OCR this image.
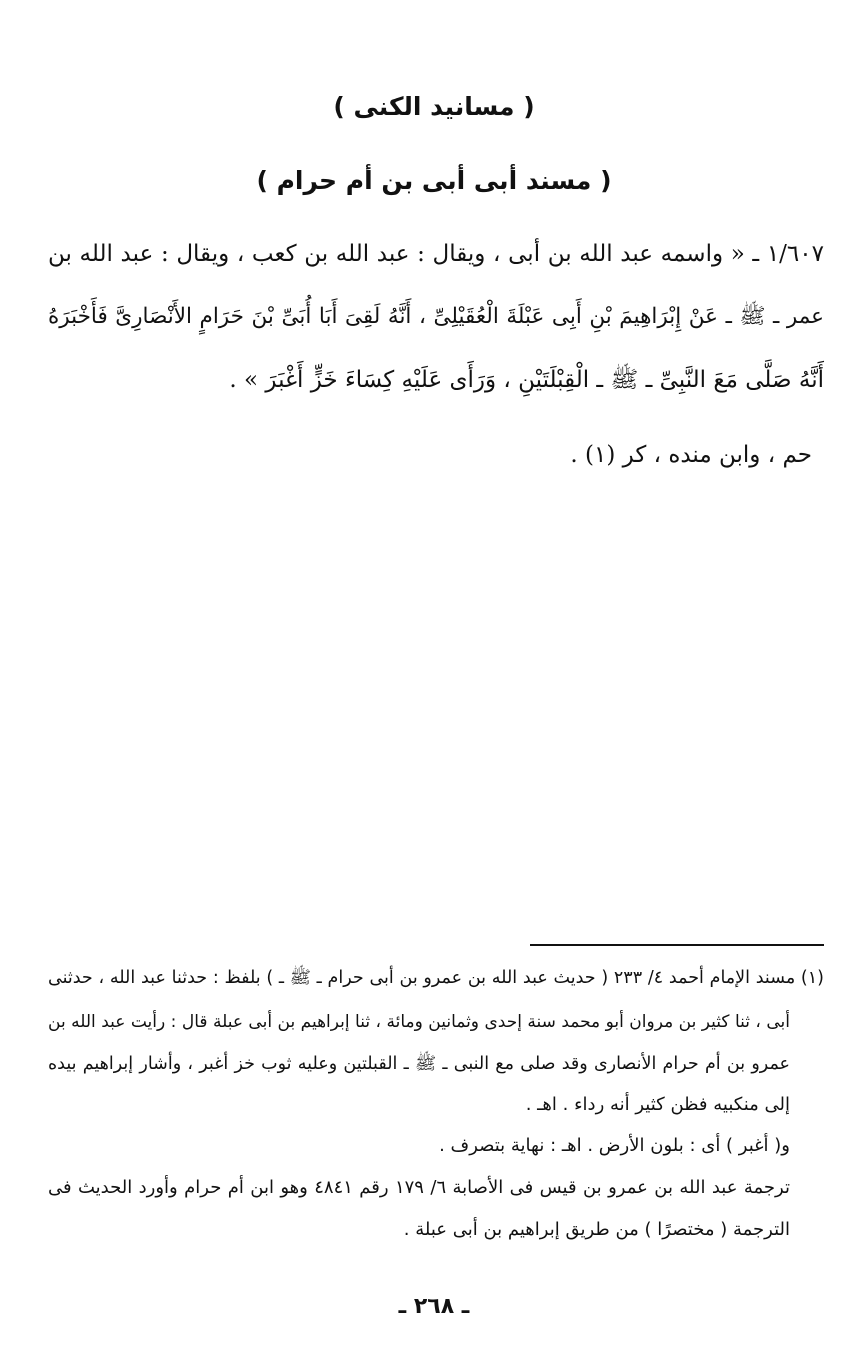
( مسانيد الكنى )
( مسند أبى أبى بن أم حرام )
١/٦٠٧ ـ « واسمه عبد الله بن أبى ، ويقال : عبد الله بن كعب ، ويقال : عبد الله بن
عمر ـ ﷺ ـ عَنْ إِبْرَاهِيمَ بْنِ أَبِى عَبْلَةَ الْعُقَيْلِىِّ ، أَنَّهُ لَقِىَ أَبَا أُبَىِّ بْنَ حَرَامٍ الأَنْصَارِىَّ فَأَخْبَرَهُ
أَنَّهُ صَلَّى مَعَ النَّبِىِّ ـ ﷺ ـ الْقِبْلَتَيْنِ ، وَرَأَى عَلَيْهِ كِسَاءَ خَزٍّ أَغْبَرَ » .
حم ، وابن منده ، كر (١) .
(١) مسند الإمام أحمد ٤/ ٢٣٣ ( حديث عبد الله بن عمرو بن أبى حرام ـ ﷺ ـ ) بلفظ : حدثنا عبد الله ، حدثنى
أبى ، ثنا كثير بن مروان أبو محمد سنة إحدى وثمانين ومائة ، ثنا إبراهيم بن أبى عبلة قال : رأيت عبد الله بن
عمرو بن أم حرام الأنصارى وقد صلى مع النبى ـ ﷺ ـ القبلتين وعليه ثوب خز أغبر ، وأشار إبراهيم بيده
إلى منكبيه فظن كثير أنه رداء . اهـ .
و( أغبر ) أى : بلون الأرض . اهـ : نهاية بتصرف .
ترجمة عبد الله بن عمرو بن قيس فى الأصابة ٦/ ١٧٩ رقم ٤٨٤١ وهو ابن أم حرام وأورد الحديث فى
الترجمة ( مختصرًا ) من طريق إبراهيم بن أبى عبلة .
ـ ٢٦٨ ـ
